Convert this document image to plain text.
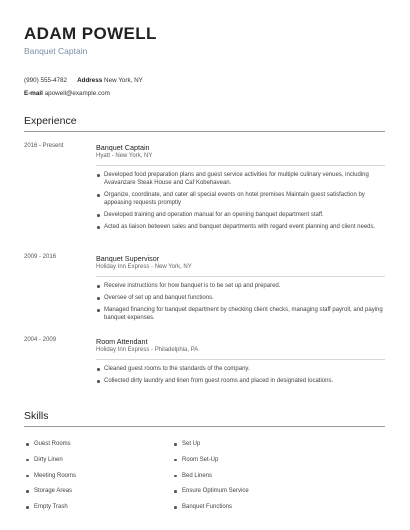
ADAM POWELL
Banquet Captain
(990) 555-4782 Address New York, NY
E-mail apowell@example.com
Experience
2016 - Present	Banquet Captain
Hyatt - New York, NY
Developed food preparation plans and guest service activities for multiple culinary venues, including Avavanzare Steak House and Caf Kobehavean.
Organize, coordinate, and cater all special events on hotel premises Maintain guest satisfaction by appeasing requests promptly
Developed training and operation manual for an opening banquet department staff.
Acted as liaison between sales and banquet departments with regard event planning and client needs.
2009 - 2016	Banquet Supervisor
Holiday Inn Express - New York, NY
Receive instructions for how banquet is to be set up and prepared.
Oversee of set up and banquet functions.
Managed financing for banquet department by checking client checks, managing staff payroll, and paying banquet expenses.
2004 - 2009	Room Attendant
Holiday Inn Express - Philadelphia, PA
Cleaned guest rooms to the standards of the company.
Collected dirty laundry and linen from guest rooms and placed in designated locations.
Skills
Guest Rooms
Dirty Linen
Meeting Rooms
Storage Areas
Empty Trash
Set Up
Room Set-Up
Bed Linens
Ensure Optimum Service
Banquet Functions
